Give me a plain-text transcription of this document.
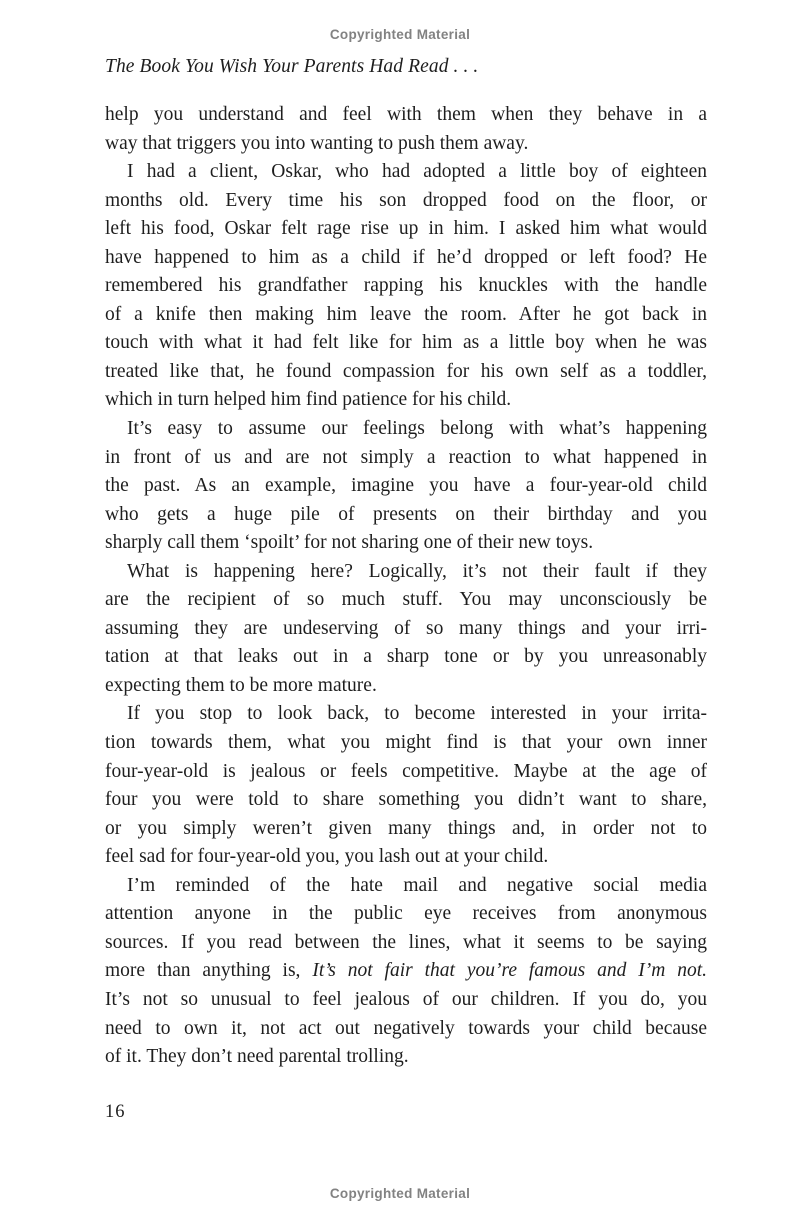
Copyrighted Material
The Book You Wish Your Parents Had Read . . .
help you understand and feel with them when they behave in a
way that triggers you into wanting to push them away.
I had a client, Oskar, who had adopted a little boy of eighteen
months old. Every time his son dropped food on the floor, or
left his food, Oskar felt rage rise up in him. I asked him what would
have happened to him as a child if he’d dropped or left food? He
remembered his grandfather rapping his knuckles with the handle
of a knife then making him leave the room. After he got back in
touch with what it had felt like for him as a little boy when he was
treated like that, he found compassion for his own self as a toddler,
which in turn helped him find patience for his child.
It’s easy to assume our feelings belong with what’s happening
in front of us and are not simply a reaction to what happened in
the past. As an example, imagine you have a four-year-old child
who gets a huge pile of presents on their birthday and you
sharply call them ‘spoilt’ for not sharing one of their new toys.
What is happening here? Logically, it’s not their fault if they
are the recipient of so much stuff. You may unconsciously be
assuming they are undeserving of so many things and your irri-
tation at that leaks out in a sharp tone or by you unreasonably
expecting them to be more mature.
If you stop to look back, to become interested in your irrita-
tion towards them, what you might find is that your own inner
four-year-old is jealous or feels competitive. Maybe at the age of
four you were told to share something you didn’t want to share,
or you simply weren’t given many things and, in order not to
feel sad for four-year-old you, you lash out at your child.
I’m reminded of the hate mail and negative social media
attention anyone in the public eye receives from anonymous
sources. If you read between the lines, what it seems to be saying
more than anything is, It’s not fair that you’re famous and I’m not.
It’s not so unusual to feel jealous of our children. If you do, you
need to own it, not act out negatively towards your child because
of it. They don’t need parental trolling.
16
Copyrighted Material
